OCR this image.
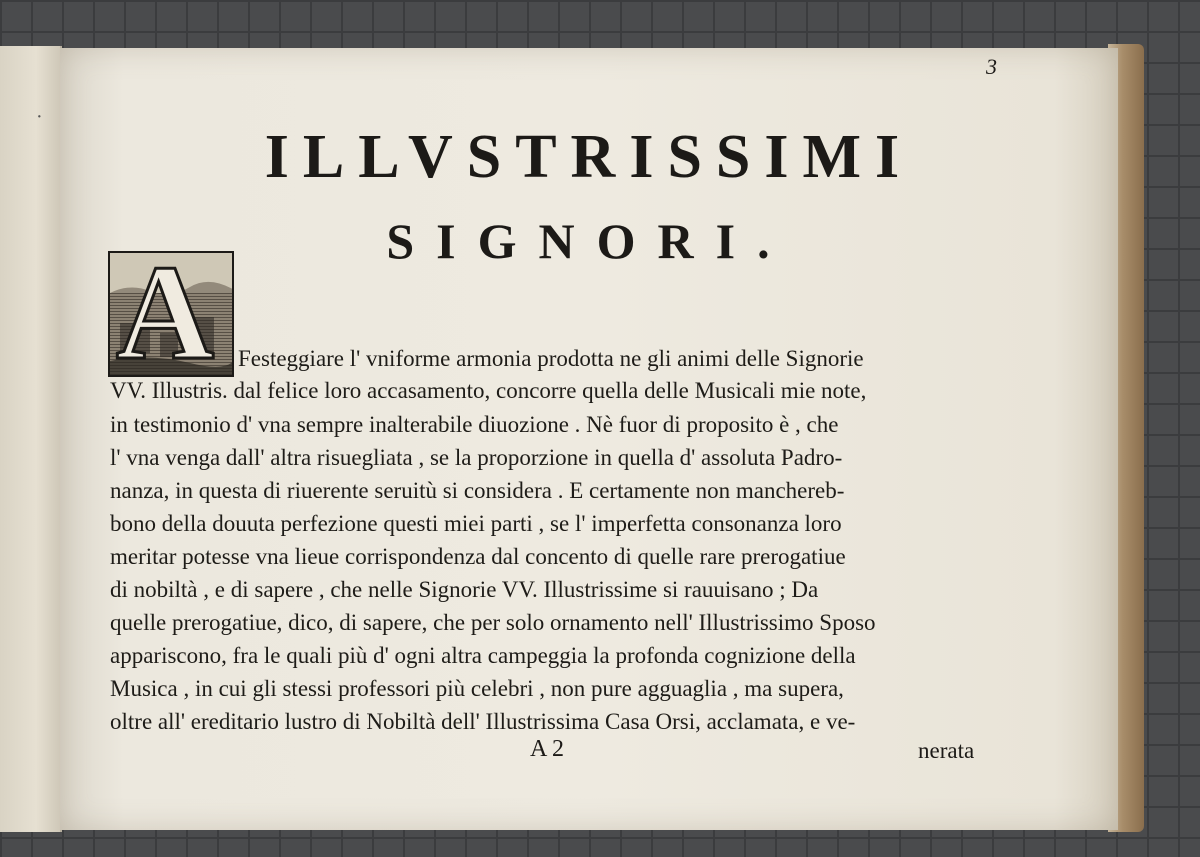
·
3
ILLVSTRISSIMI
SIGNORI.
A Festeggiare l' vniforme armonia prodotta ne gli animi delle Signorie
VV. Illustris. dal felice loro accasamento, concorre quella delle Musicali mie note,
in testimonio d' vna sempre inalterabile diuozione . Nè fuor di proposito è , che
l' vna venga dall' altra risuegliata , se la proporzione in quella d' assoluta Padro-
nanza, in questa di riuerente seruitù si considera . E certamente non mancherеb-
bono della douuta perfezione questi miei parti , se l' imperfetta consonanza loro
meritar potesse vna lieue corrispondenza dal concento di quelle rare prerogatiue
di nobiltà , e di sapere , che nelle Signorie VV. Illustrissime si rauuisano ; Da
quelle prerogatiue, dico, di sapere, che per solo ornamento nell' Illustrissimo Sposo
appariscono, fra le quali più d' ogni altra campeggia la profonda cognizione della
Musica , in cui gli stessi professori più celebri , non pure agguaglia , ma supera,
oltre all' ereditario lustro di Nobiltà dell' Illustrissima Casa Orsi, acclamata, e ve-
A 2	nerata
